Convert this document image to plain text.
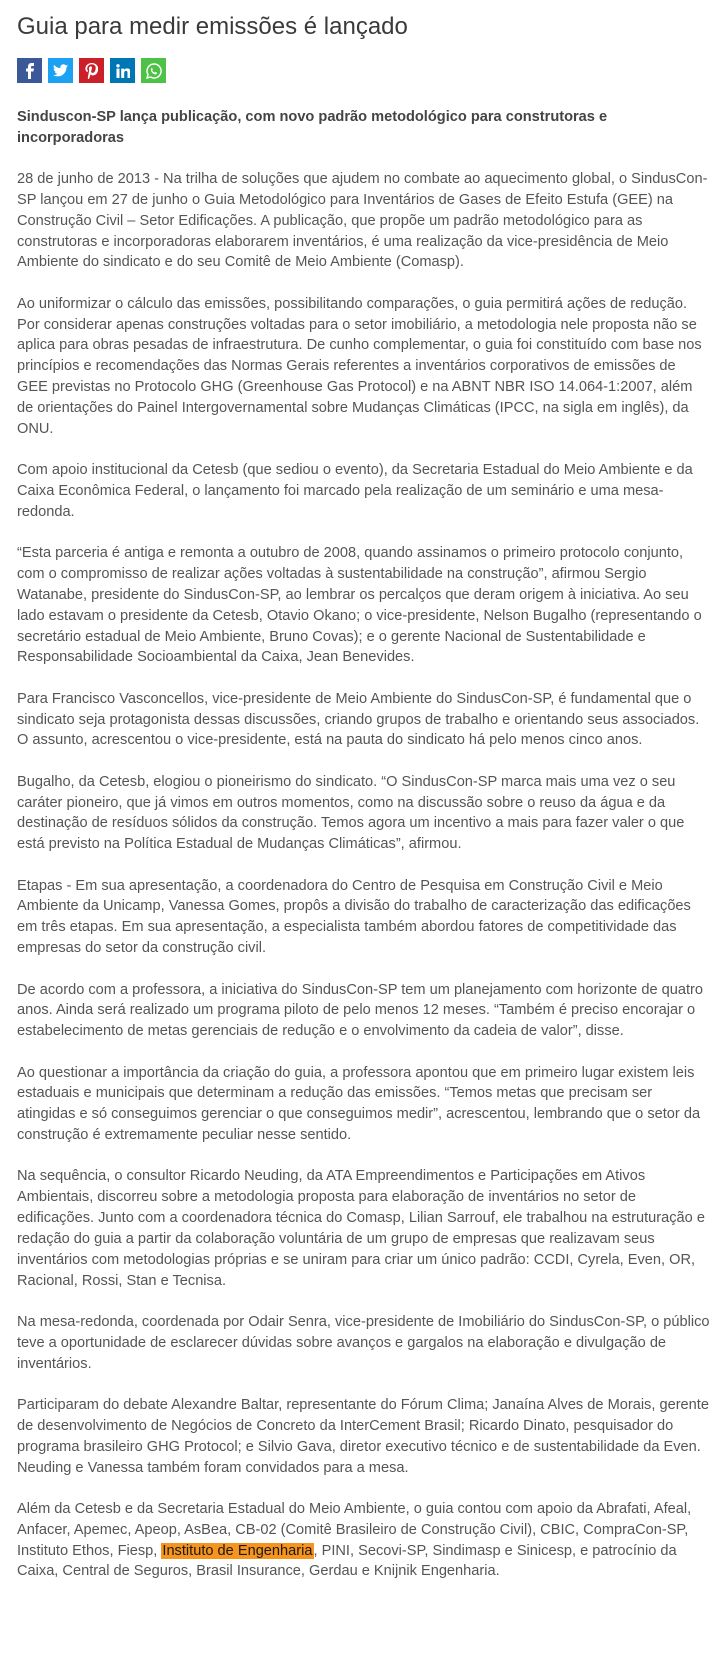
Guia para medir emissões é lançado

Sinduscon-SP lança publicação, com novo padrão metodológico para construtoras e incorporadoras

28 de junho de 2013 - Na trilha de soluções que ajudem no combate ao aquecimento global, o SindusCon-SP lançou em 27 de junho o Guia Metodológico para Inventários de Gases de Efeito Estufa (GEE) na Construção Civil – Setor Edificações. A publicação, que propõe um padrão metodológico para as construtoras e incorporadoras elaborarem inventários, é uma realização da vice-presidência de Meio Ambiente do sindicato e do seu Comitê de Meio Ambiente (Comasp).

Ao uniformizar o cálculo das emissões, possibilitando comparações, o guia permitirá ações de redução. Por considerar apenas construções voltadas para o setor imobiliário, a metodologia nele proposta não se aplica para obras pesadas de infraestrutura. De cunho complementar, o guia foi constituído com base nos princípios e recomendações das Normas Gerais referentes a inventários corporativos de emissões de GEE previstas no Protocolo GHG (Greenhouse Gas Protocol) e na ABNT NBR ISO 14.064-1:2007, além de orientações do Painel Intergovernamental sobre Mudanças Climáticas (IPCC, na sigla em inglês), da ONU.

Com apoio institucional da Cetesb (que sediou o evento), da Secretaria Estadual do Meio Ambiente e da Caixa Econômica Federal, o lançamento foi marcado pela realização de um seminário e uma mesa-redonda.

“Esta parceria é antiga e remonta a outubro de 2008, quando assinamos o primeiro protocolo conjunto, com o compromisso de realizar ações voltadas à sustentabilidade na construção”, afirmou Sergio Watanabe, presidente do SindusCon-SP, ao lembrar os percalços que deram origem à iniciativa. Ao seu lado estavam o presidente da Cetesb, Otavio Okano; o vice-presidente, Nelson Bugalho (representando o secretário estadual de Meio Ambiente, Bruno Covas); e o gerente Nacional de Sustentabilidade e Responsabilidade Socioambiental da Caixa, Jean Benevides.

Para Francisco Vasconcellos, vice-presidente de Meio Ambiente do SindusCon-SP, é fundamental que o sindicato seja protagonista dessas discussões, criando grupos de trabalho e orientando seus associados. O assunto, acrescentou o vice-presidente, está na pauta do sindicato há pelo menos cinco anos.

Bugalho, da Cetesb, elogiou o pioneirismo do sindicato. “O SindusCon-SP marca mais uma vez o seu caráter pioneiro, que já vimos em outros momentos, como na discussão sobre o reuso da água e da destinação de resíduos sólidos da construção. Temos agora um incentivo a mais para fazer valer o que está previsto na Política Estadual de Mudanças Climáticas”, afirmou.

Etapas - Em sua apresentação, a coordenadora do Centro de Pesquisa em Construção Civil e Meio Ambiente da Unicamp, Vanessa Gomes, propôs a divisão do trabalho de caracterização das edificações em três etapas. Em sua apresentação, a especialista também abordou fatores de competitividade das empresas do setor da construção civil.

De acordo com a professora, a iniciativa do SindusCon-SP tem um planejamento com horizonte de quatro anos. Ainda será realizado um programa piloto de pelo menos 12 meses. “Também é preciso encorajar o estabelecimento de metas gerenciais de redução e o envolvimento da cadeia de valor”, disse.

Ao questionar a importância da criação do guia, a professora apontou que em primeiro lugar existem leis estaduais e municipais que determinam a redução das emissões. “Temos metas que precisam ser atingidas e só conseguimos gerenciar o que conseguimos medir”, acrescentou, lembrando que o setor da construção é extremamente peculiar nesse sentido.

Na sequência, o consultor Ricardo Neuding, da ATA Empreendimentos e Participações em Ativos Ambientais, discorreu sobre a metodologia proposta para elaboração de inventários no setor de edificações. Junto com a coordenadora técnica do Comasp, Lilian Sarrouf, ele trabalhou na estruturação e redação do guia a partir da colaboração voluntária de um grupo de empresas que realizavam seus inventários com metodologias próprias e se uniram para criar um único padrão: CCDI, Cyrela, Even, OR, Racional, Rossi, Stan e Tecnisa.

Na mesa-redonda, coordenada por Odair Senra, vice-presidente de Imobiliário do SindusCon-SP, o público teve a oportunidade de esclarecer dúvidas sobre avanços e gargalos na elaboração e divulgação de inventários.

Participaram do debate Alexandre Baltar, representante do Fórum Clima; Janaína Alves de Morais, gerente de desenvolvimento de Negócios de Concreto da InterCement Brasil; Ricardo Dinato, pesquisador do programa brasileiro GHG Protocol; e Silvio Gava, diretor executivo técnico e de sustentabilidade da Even. Neuding e Vanessa também foram convidados para a mesa.

Além da Cetesb e da Secretaria Estadual do Meio Ambiente, o guia contou com apoio da Abrafati, Afeal, Anfacer, Apemec, Apeop, AsBea, CB-02 (Comitê Brasileiro de Construção Civil), CBIC, CompraCon-SP, Instituto Ethos, Fiesp, Instituto de Engenharia, PINI, Secovi-SP, Sindimasp e Sinicesp, e patrocínio da Caixa, Central de Seguros, Brasil Insurance, Gerdau e Knijnik Engenharia.
